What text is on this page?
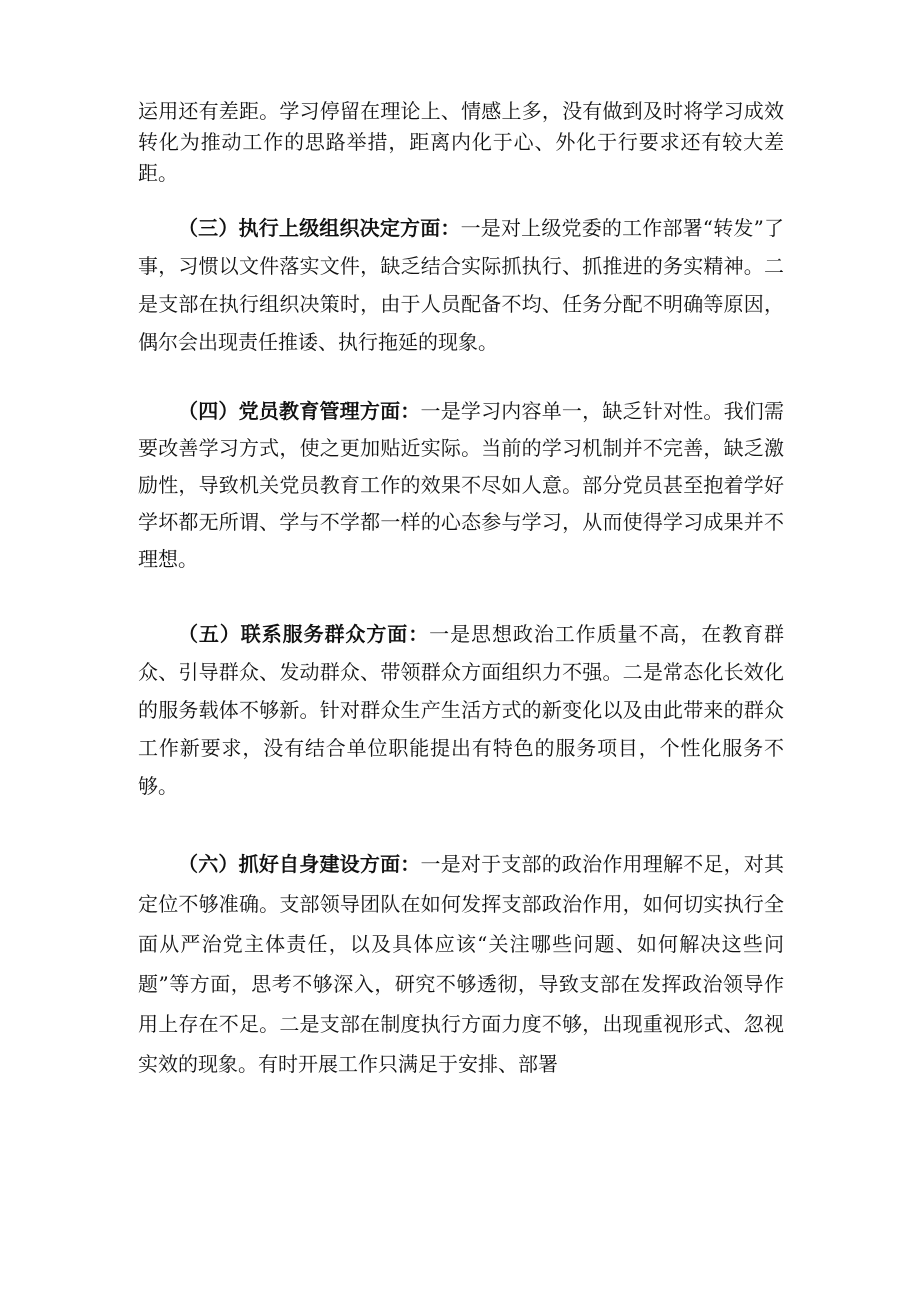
运用还有差距。学习停留在理论上、情感上多，没有做到及时将学习成效转化为推动工作的思路举措，距离内化于心、外化于行要求还有较大差距。

（三）执行上级组织决定方面：一是对上级党委的工作部署“转发”了事，习惯以文件落实文件，缺乏结合实际抓执行、抓推进的务实精神。二是支部在执行组织决策时，由于人员配备不均、任务分配不明确等原因，偶尔会出现责任推诿、执行拖延的现象。

（四）党员教育管理方面：一是学习内容单一，缺乏针对性。我们需要改善学习方式，使之更加贴近实际。当前的学习机制并不完善，缺乏激励性，导致机关党员教育工作的效果不尽如人意。部分党员甚至抱着学好学坏都无所谓、学与不学都一样的心态参与学习，从而使得学习成果并不理想。

（五）联系服务群众方面：一是思想政治工作质量不高，在教育群众、引导群众、发动群众、带领群众方面组织力不强。二是常态化长效化的服务载体不够新。针对群众生产生活方式的新变化以及由此带来的群众工作新要求，没有结合单位职能提出有特色的服务项目，个性化服务不够。

（六）抓好自身建设方面：一是对于支部的政治作用理解不足，对其定位不够准确。支部领导团队在如何发挥支部政治作用，如何切实执行全面从严治党主体责任，以及具体应该“关注哪些问题、如何解决这些问题”等方面，思考不够深入，研究不够透彻，导致支部在发挥政治领导作用上存在不足。二是支部在制度执行方面力度不够，出现重视形式、忽视实效的现象。有时开展工作只满足于安排、部署
